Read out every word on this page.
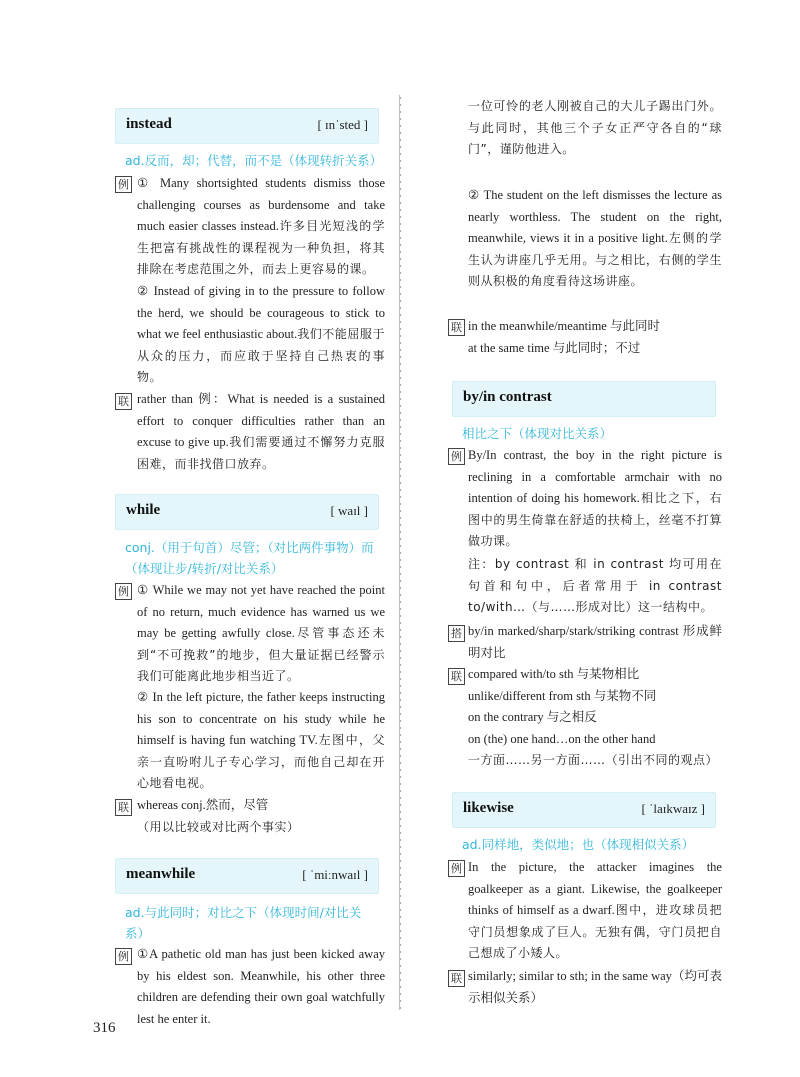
instead	[ ɪnˈsted ]
ad.反而，却；代替，而不是（体现转折关系）
例 ① Many shortsighted students dismiss those challenging courses as burdensome and take much easier classes instead.许多目光短浅的学生把富有挑战性的课程视为一种负担，将其排除在考虑范围之外，而去上更容易的课。
② Instead of giving in to the pressure to follow the herd, we should be courageous to stick to what we feel enthusiastic about.我们不能屈服于从众的压力，而应敢于坚持自己热衷的事物。
联 rather than 例：What is needed is a sustained effort to conquer difficulties rather than an excuse to give up.我们需要通过不懈努力克服困难，而非找借口放弃。
while	[ waɪl ]
conj.（用于句首）尽管；（对比两件事物）而（体现让步/转折/对比关系）
例 ① While we may not yet have reached the point of no return, much evidence has warned us we may be getting awfully close.尽管事态还未到“不可挽救”的地步，但大量证据已经警示我们可能离此地步相当近了。
② In the left picture, the father keeps instructing his son to concentrate on his study while he himself is having fun watching TV.左图中，父亲一直吩咐儿子专心学习，而他自己却在开心地看电视。
联 whereas conj.然而，尽管
（用以比较或对比两个事实）
meanwhile	[ ˈmiːnwaɪl ]
ad.与此同时；对比之下（体现时间/对比关系）
例 ①A pathetic old man has just been kicked away by his eldest son. Meanwhile, his other three children are defending their own goal watchfully lest he enter it.
316
一位可怜的老人刚被自己的大儿子踢出门外。与此同时，其他三个子女正严守各自的“球门”，谨防他进入。
② The student on the left dismisses the lecture as nearly worthless. The student on the right, meanwhile, views it in a positive light.左侧的学生认为讲座几乎无用。与之相比，右侧的学生则从积极的角度看待这场讲座。
联 in the meanwhile/meantime 与此同时
at the same time 与此同时；不过
by/in contrast
相比之下（体现对比关系）
例 By/In contrast, the boy in the right picture is reclining in a comfortable armchair with no intention of doing his homework.相比之下，右图中的男生倚靠在舒适的扶椅上，丝毫不打算做功课。
注：by contrast 和 in contrast 均可用在句首和句中，后者常用于 in contrast to/with…（与……形成对比）这一结构中。
搭 by/in marked/sharp/stark/striking contrast 形成鲜明对比
联 compared with/to sth 与某物相比
unlike/different from sth 与某物不同
on the contrary 与之相反
on (the) one hand…on the other hand
一方面……另一方面……（引出不同的观点）
likewise	[ ˈlaɪkwaɪz ]
ad.同样地，类似地；也（体现相似关系）
例 In the picture, the attacker imagines the goalkeeper as a giant. Likewise, the goalkeeper thinks of himself as a dwarf.图中，进攻球员把守门员想象成了巨人。无独有偶，守门员把自己想成了小矮人。
联 similarly; similar to sth; in the same way（均可表示相似关系）
